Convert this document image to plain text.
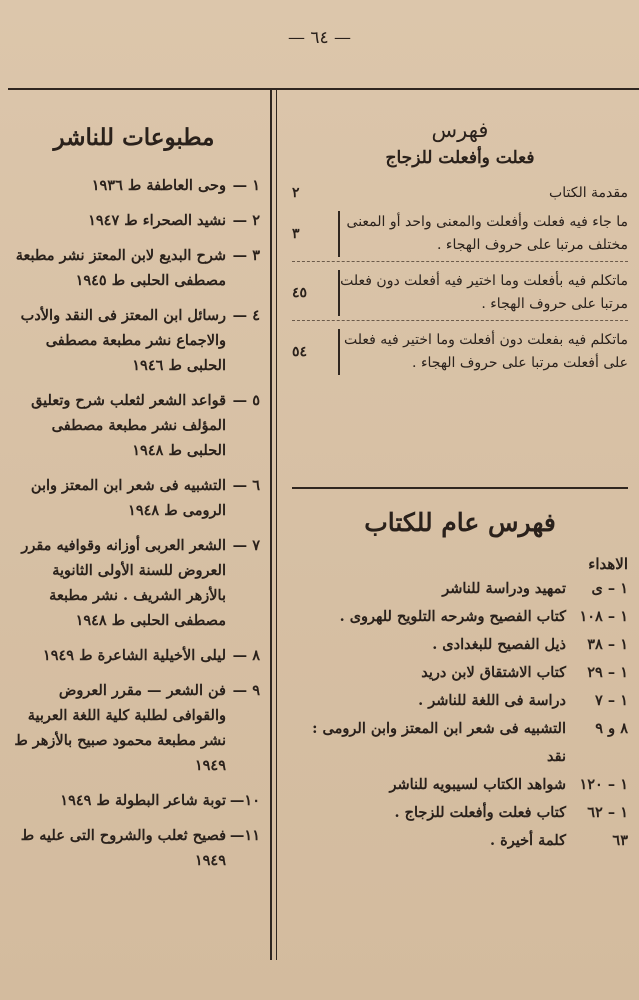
— ٦٤ —
مطبوعات للناشر
١ —
وحى العاطفة ط ١٩٣٦
٢ —
نشيد الصحراء ط ١٩٤٧
٣ —
شرح البديع لابن المعتز نشر مطبعة مصطفى الحلبى ط ١٩٤٥
٤ —
رسائل ابن المعتز فى النقد والأدب والاجماع نشر مطبعة مصطفى الحلبى ط ١٩٤٦
٥ —
قواعد الشعر لثعلب شرح وتعليق المؤلف نشر مطبعة مصطفى الحلبى ط ١٩٤٨
٦ —
التشبيه فى شعر ابن المعتز وابن الرومى ط ١٩٤٨
٧ —
الشعر العربى أوزانه وقوافيه مقرر العروض للسنة الأولى الثانوية بالأزهر الشريف . نشر مطبعة مصطفى الحلبى ط ١٩٤٨
٨ —
ليلى الأخيلية الشاعرة ط ١٩٤٩
٩ —
فن الشعر — مقرر العروض والقوافى لطلبة كلية اللغة العربية نشر مطبعة محمود صبيح بالأزهر ط ١٩٤٩
١٠—
توبة شاعر البطولة ط ١٩٤٩
١١—
فصيح ثعلب والشروح التى عليه ط ١٩٤٩
فهرس
فعلت وأفعلت للزجاج
مقدمة الكتاب
٢
ما جاء فيه فعلت وأفعلت والمعنى واحد أو المعنى مختلف مرتبا على حروف الهجاء .
٣
ماتكلم فيه بأفعلت وما اختير فيه أفعلت دون فعلت مرتبا على حروف الهجاء .
٤٥
ماتكلم فيه بفعلت دون أفعلت وما اختير فيه فعلت على أفعلت مرتبا على حروف الهجاء .
٥٤
فهرس عام للكتاب
الاهداء
١ – ى
تمهيد ودراسة للناشر
١ – ١٠٨
كتاب الفصيح وشرحه التلويح للهروى .
١ – ٣٨
ذيل الفصيح للبغدادى .
١ – ٢٩
كتاب الاشتقاق لابن دريد
١ – ٧
دراسة فى اللغة للناشر .
٨ و ٩
التشبيه فى شعر ابن المعتز وابن الرومى : نقد
١ – ١٢٠
شواهد الكتاب لسيبويه للناشر
١ – ٦٢
كتاب فعلت وأفعلت للزجاج .
٦٣
كلمة أخيرة .
